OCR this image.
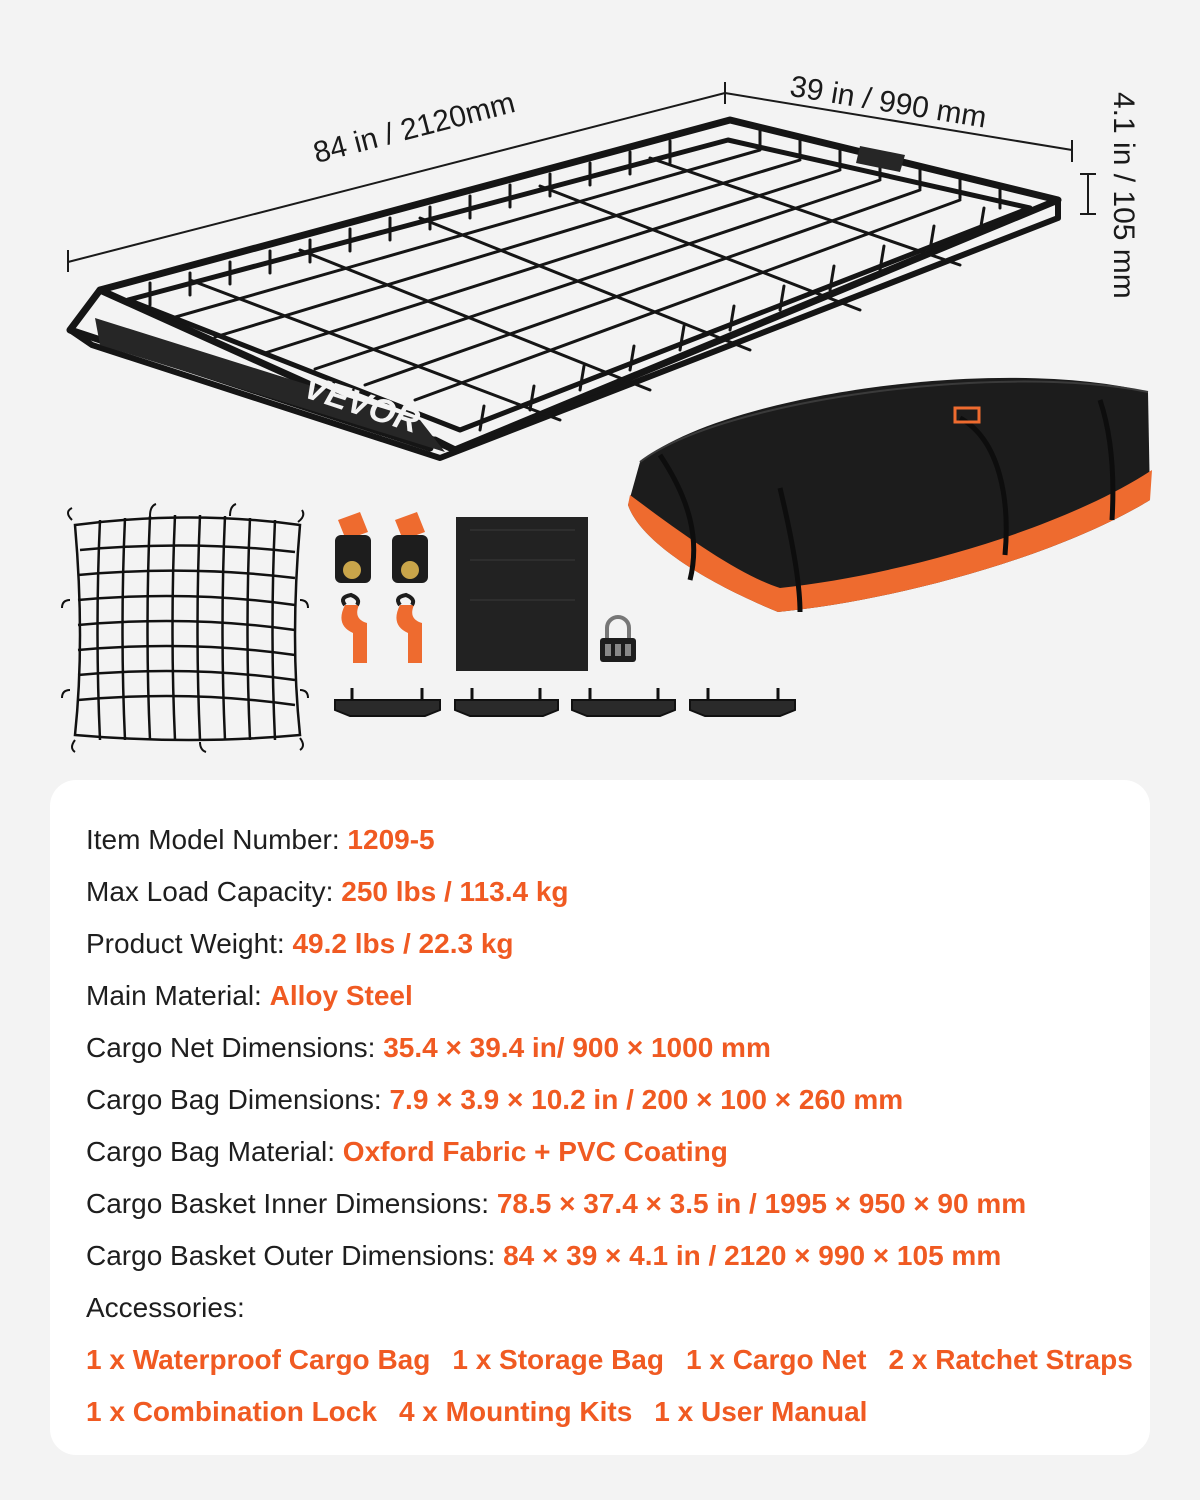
84 in / 2120mm	39 in / 990 mm	4.1 in / 105 mm
VEVOR
Item Model Number: 1209-5
Max Load Capacity: 250 lbs / 113.4 kg
Product Weight: 49.2 lbs / 22.3 kg
Main Material: Alloy Steel
Cargo Net Dimensions: 35.4 × 39.4 in/ 900 × 1000 mm
Cargo Bag Dimensions: 7.9 × 3.9 × 10.2 in / 200 × 100 × 260 mm
Cargo Bag Material: Oxford Fabric + PVC Coating
Cargo Basket Inner Dimensions: 78.5 × 37.4 × 3.5 in / 1995 × 950 × 90 mm
Cargo Basket Outer Dimensions: 84 × 39 × 4.1 in / 2120 × 990 × 105 mm
Accessories:
1 x Waterproof Cargo Bag 1 x Storage Bag 1 x Cargo Net 2 x Ratchet Straps
1 x Combination Lock 4 x Mounting Kits 1 x User Manual
